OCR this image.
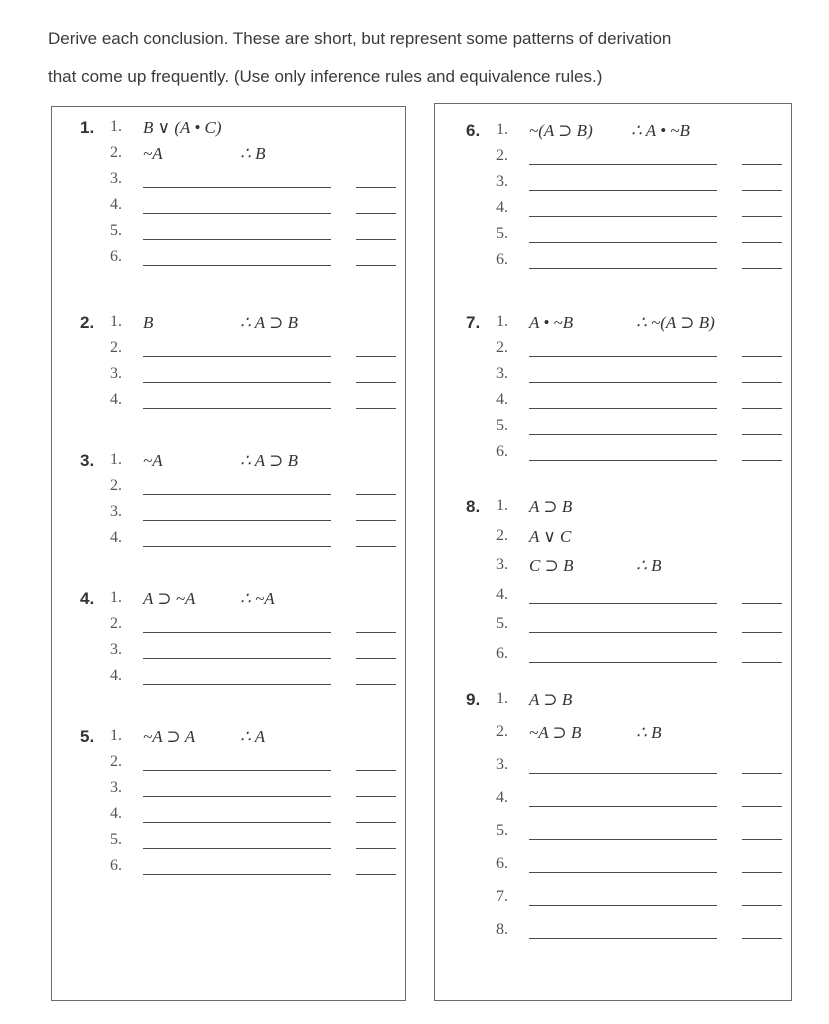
Derive each conclusion. These are short, but represent some patterns of derivation
that come up frequently. (Use only inference rules and equivalence rules.)
1. 1. B ∨ (A • C)
2. ~A	∴ B
3.
4.
5.
6.
2. 1. B	∴ A ⊃ B
2.
3.
4.
3. 1. ~A	∴ A ⊃ B
2.
3.
4.
4. 1. A ⊃ ~A	∴ ~A
2.
3.
4.
5. 1. ~A ⊃ A	∴ A
2.
3.
4.
5.
6.
6. 1. ~(A ⊃ B) ∴ A • ~B
2.
3.
4.
5.
6.
7. 1. A • ~B	∴ ~(A ⊃ B)
2.
3.
4.
5.
6.
8. 1. A ⊃ B
2. A ∨ C
3. C ⊃ B	∴ B
4.
5.
6.
9. 1. A ⊃ B
2. ~A ⊃ B	∴ B
3.
4.
5.
6.
7.
8.
